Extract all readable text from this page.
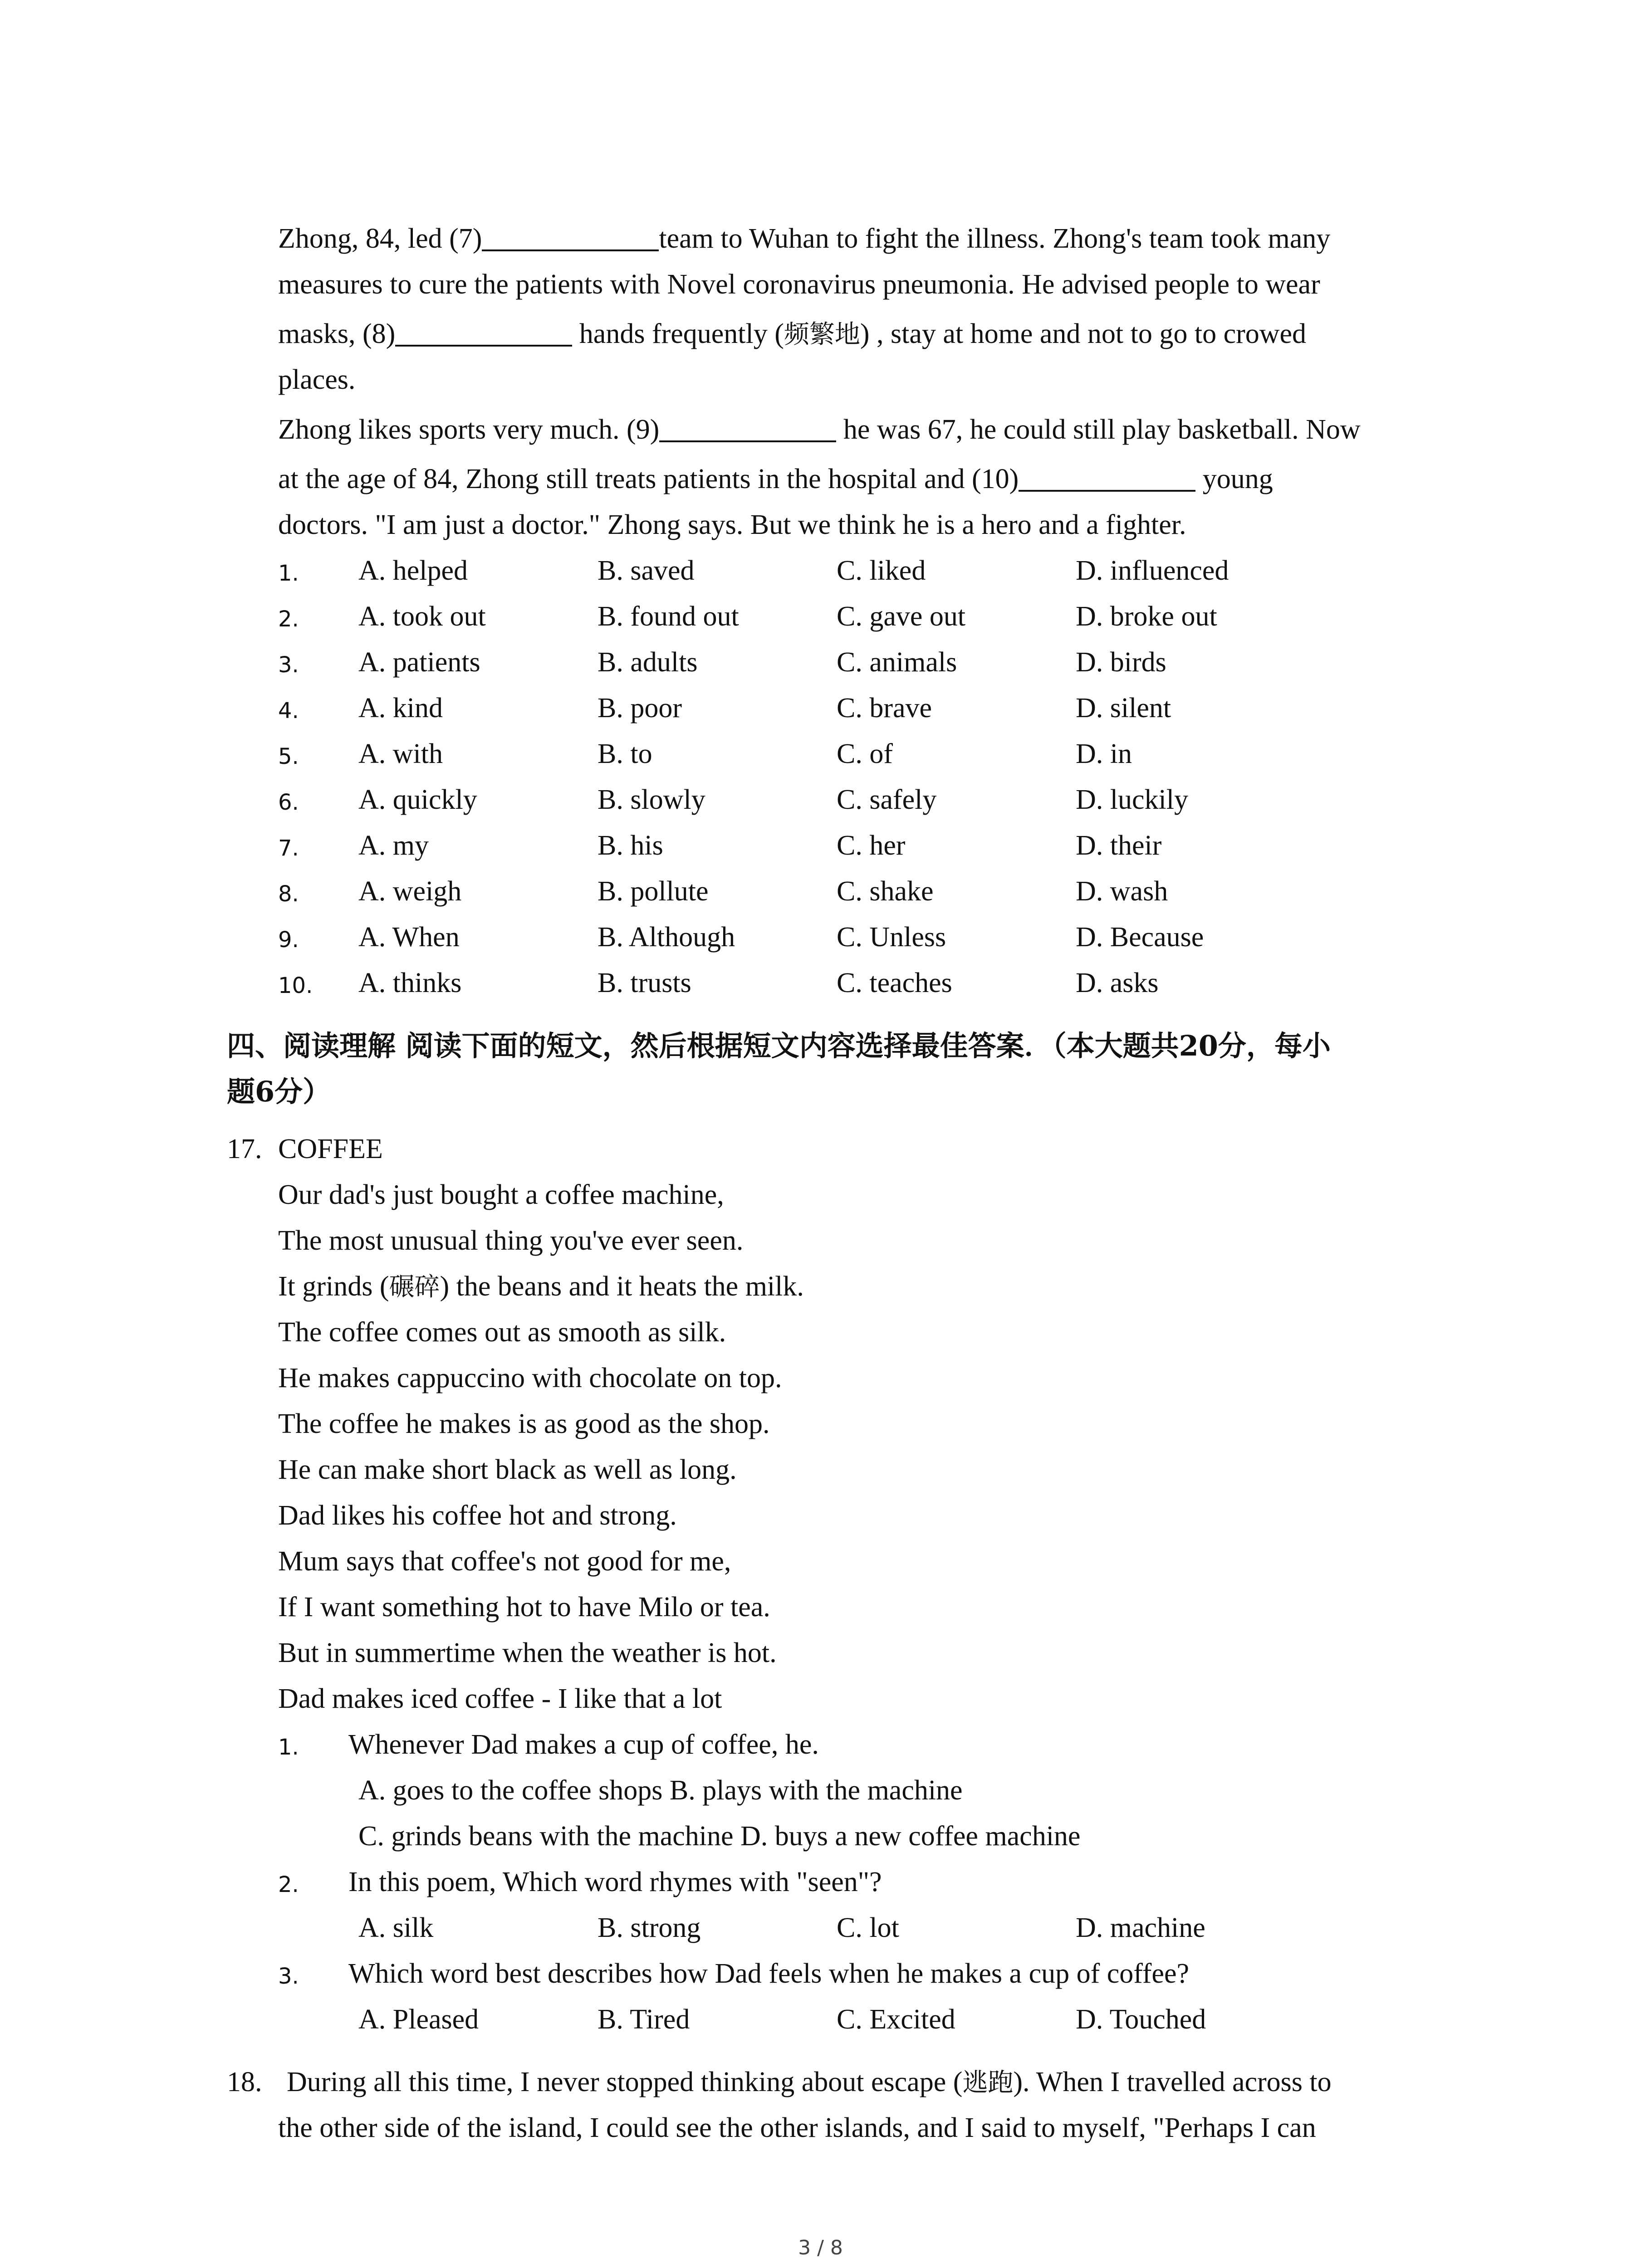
Zhong, 84, led (7)	team to Wuhan to fight the illness. Zhong's team took many
measures to cure the patients with Novel coronavirus pneumonia. He advised people to wear
masks, (8)	hands frequently (频繁地) , stay at home and not to go to crowed
places.
Zhong likes sports very much. (9)	he was 67, he could still play basketball. Now
at the age of 84, Zhong still treats patients in the hospital and (10)	young
doctors. "I am just a doctor." Zhong says. But we think he is a hero and a fighter.
1. A. helped	B. saved	C. liked	D. influenced
2. A. took out	B. found out	C. gave out	D. broke out
3. A. patients	B. adults	C. animals	D. birds
4. A. kind	B. poor	C. brave	D. silent
5. A. with	B. to	C. of	D. in
6. A. quickly	B. slowly	C. safely	D. luckily
7. A. my	B. his	C. her	D. their
8. A. weigh	B. pollute	C. shake	D. wash
9. A. When	B. Although	C. Unless	D. Because
10. A. thinks	B. trusts	C. teaches	D. asks
四、阅读理解 阅读下面的短文，然后根据短文内容选择最佳答案．（本大题共20分，每小
题6分）
17. COFFEE
Our dad's just bought a coffee machine,
The most unusual thing you've ever seen.
It grinds (碾碎) the beans and it heats the milk.
The coffee comes out as smooth as silk.
He makes cappuccino with chocolate on top.
The coffee he makes is as good as the shop.
He can make short black as well as long.
Dad likes his coffee hot and strong.
Mum says that coffee's not good for me,
If I want something hot to have Milo or tea.
But in summertime when the weather is hot.
Dad makes iced coffee - I like that a lot
1. Whenever Dad makes a cup of coffee, he.
A. goes to the coffee shops B. plays with the machine
C. grinds beans with the machine D. buys a new coffee machine
2. In this poem, Which word rhymes with "seen"?
A. silk	B. strong	C. lot	D. machine
3. Which word best describes how Dad feels when he makes a cup of coffee?
A. Pleased	B. Tired	C. Excited	D. Touched
18. During all this time, I never stopped thinking about escape (逃跑). When I travelled across to
the other side of the island, I could see the other islands, and I said to myself, "Perhaps I can
3 / 8
